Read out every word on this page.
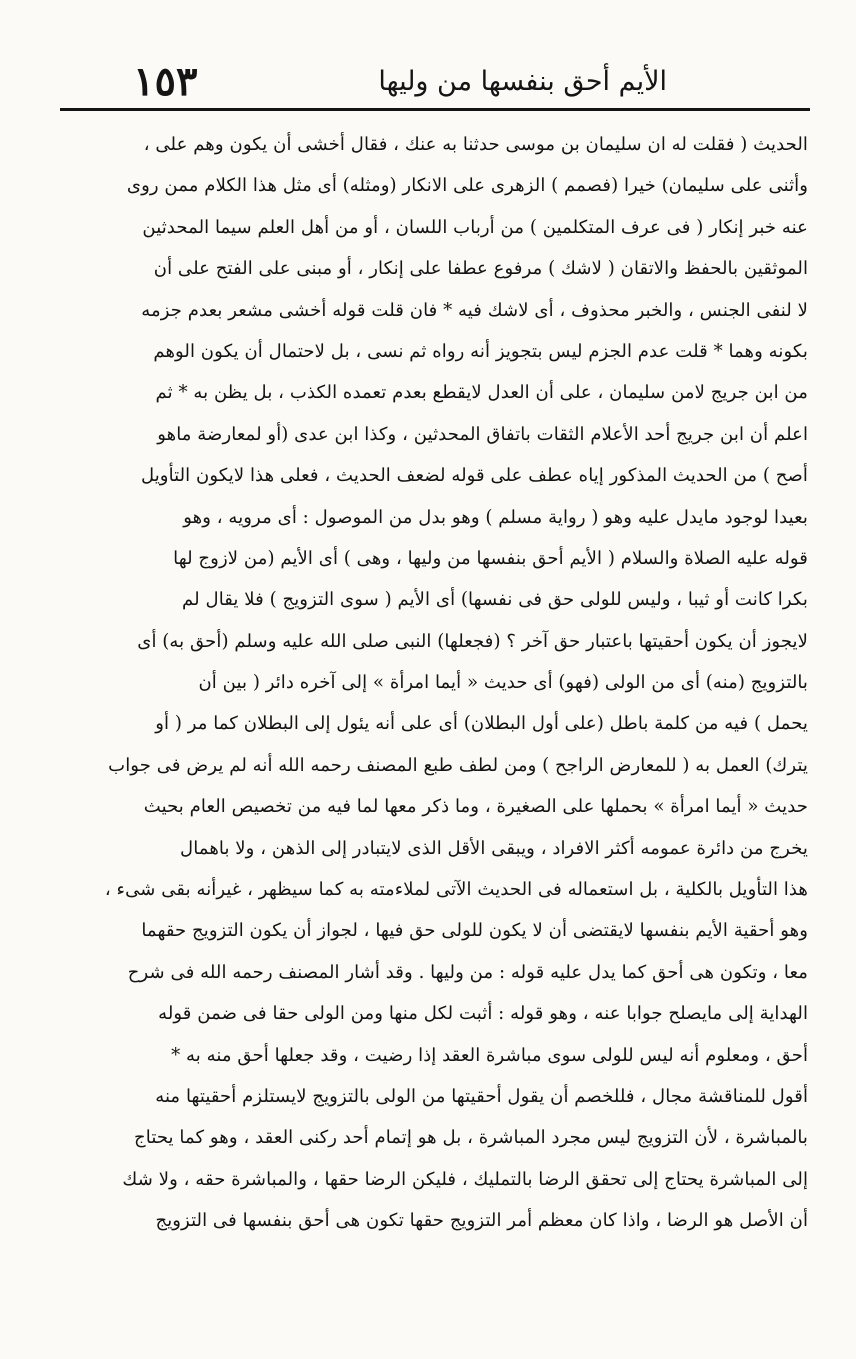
الأيم أحق بنفسها من وليها
١٥٣
الحديث ( فقلت له ان سليمان بن موسى حدثنا به عنك ، فقال أخشى أن يكون وهم على ،
وأثنى على سليمان) خيرا (فصمم ) الزهرى على الانكار (ومثله) أى مثل هذا الكلام ممن روى
عنه خبر إنكار ( فى عرف المتكلمين ) من أرباب اللسان ، أو من أهل العلم سيما المحدثين
الموثقين بالحفظ والاتقان ( لاشك ) مرفوع عطفا على إنكار ، أو مبنى على الفتح على أن
لا لنفى الجنس ، والخبر محذوف ، أى لاشك فيه * فان قلت قوله أخشى مشعر بعدم جزمه
بكونه وهما * قلت عدم الجزم ليس بتجويز أنه رواه ثم نسى ، بل لاحتمال أن يكون الوهم
من ابن جريج لامن سليمان ، على أن العدل لايقطع بعدم تعمده الكذب ، بل يظن به * ثم
اعلم أن ابن جريج أحد الأعلام الثقات باتفاق المحدثين ، وكذا ابن عدى (أو لمعارضة ماهو
أصح ) من الحديث المذكور إياه عطف على قوله لضعف الحديث ، فعلى هذا لايكون التأويل
بعيدا لوجود مايدل عليه وهو ( رواية مسلم ) وهو بدل من الموصول : أى مرويه ، وهو
قوله عليه الصلاة والسلام ( الأيم أحق بنفسها من وليها ، وهى ) أى الأيم (من لازوج لها
بكرا كانت أو ثيبا ، وليس للولى حق فى نفسها) أى الأيم ( سوى التزويج ) فلا يقال لم
لايجوز أن يكون أحقيتها باعتبار حق آخر ؟ (فجعلها) النبى صلى الله عليه وسلم (أحق به) أى
بالتزويج (منه) أى من الولى (فهو) أى حديث « أيما امرأة » إلى آخره دائر ( بين أن
يحمل ) فيه من كلمة باطل (على أول البطلان) أى على أنه يئول إلى البطلان كما مر ( أو
يترك) العمل به ( للمعارض الراجح ) ومن لطف طبع المصنف رحمه الله أنه لم يرض فى جواب
حديث « أيما امرأة » بحملها على الصغيرة ، وما ذكر معها لما فيه من تخصيص العام بحيث
يخرج من دائرة عمومه أكثر الافراد ، ويبقى الأقل الذى لايتبادر إلى الذهن ، ولا باهمال
هذا التأويل بالكلية ، بل استعماله فى الحديث الآتى لملاءمته به كما سيظهر ، غيرأنه بقى شىء ،
وهو أحقية الأيم بنفسها لايقتضى أن لا يكون للولى حق فيها ، لجواز أن يكون التزويج حقهما
معا ، وتكون هى أحق كما يدل عليه قوله : من وليها . وقد أشار المصنف رحمه الله فى شرح
الهداية إلى مايصلح جوابا عنه ، وهو قوله : أثبت لكل منها ومن الولى حقا فى ضمن قوله
أحق ، ومعلوم أنه ليس للولى سوى مباشرة العقد إذا رضيت ، وقد جعلها أحق منه به *
أقول للمناقشة مجال ، فللخصم أن يقول أحقيتها من الولى بالتزويج لايستلزم أحقيتها منه
بالمباشرة ، لأن التزويج ليس مجرد المباشرة ، بل هو إتمام أحد ركنى العقد ، وهو كما يحتاج
إلى المباشرة يحتاج إلى تحقق الرضا بالتمليك ، فليكن الرضا حقها ، والمباشرة حقه ، ولا شك
أن الأصل هو الرضا ، واذا كان معظم أمر التزويج حقها تكون هى أحق بنفسها فى التزويج
